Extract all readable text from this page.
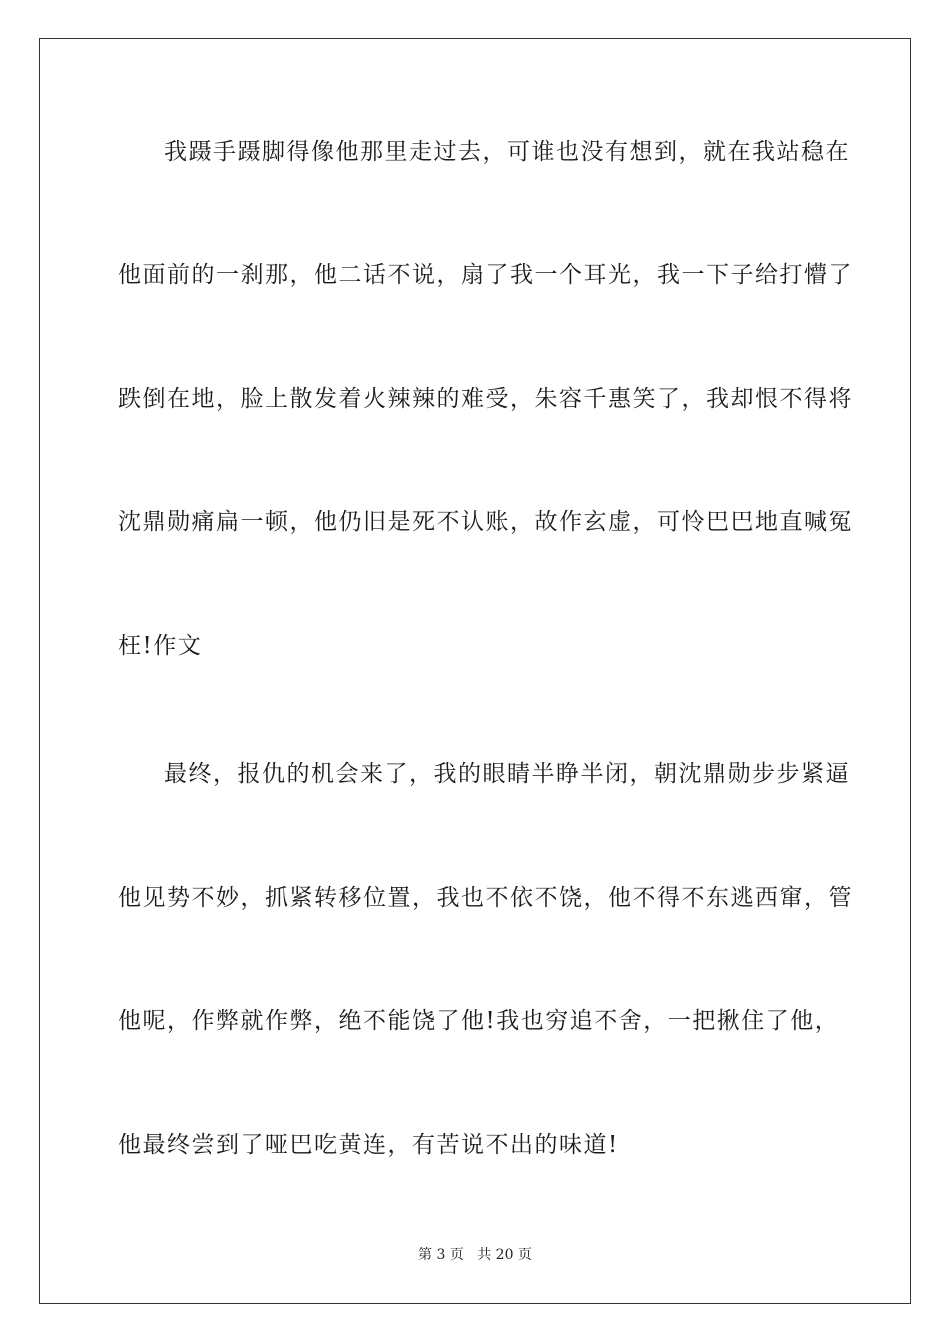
我蹑手蹑脚得像他那里走过去，可谁也没有想到，就在我站稳在
他面前的一刹那，他二话不说，扇了我一个耳光，我一下子给打懵了
跌倒在地，脸上散发着火辣辣的难受，朱容千惠笑了，我却恨不得将
沈鼎勋痛扁一顿，他仍旧是死不认账，故作玄虚，可怜巴巴地直喊冤
枉!作文
最终，报仇的机会来了，我的眼睛半睁半闭，朝沈鼎勋步步紧逼
他见势不妙，抓紧转移位置，我也不依不饶，他不得不东逃西窜，管
他呢，作弊就作弊，绝不能饶了他!我也穷追不舍，一把揪住了他，
他最终尝到了哑巴吃黄连，有苦说不出的味道!
第 3 页 共 20 页
